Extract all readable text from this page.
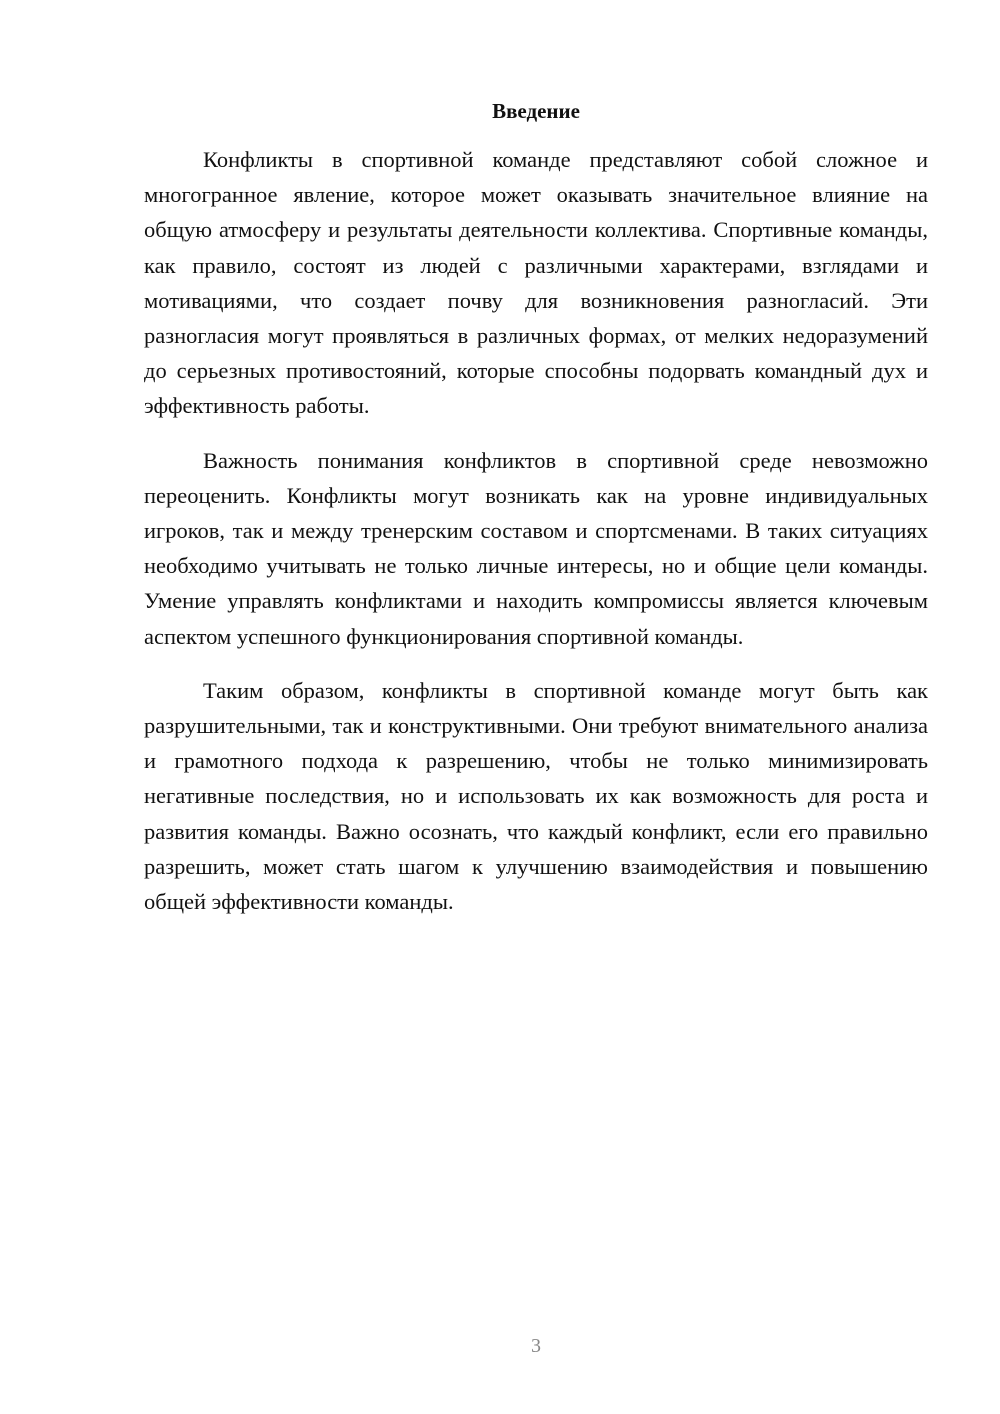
Введение

Конфликты в спортивной команде представляют собой сложное и многогранное явление, которое может оказывать значительное влияние на общую атмосферу и результаты деятельности коллектива. Спортивные команды, как правило, состоят из людей с различными характерами, взглядами и мотивациями, что создает почву для возникновения разногласий. Эти разногласия могут проявляться в различных формах, от мелких недоразумений до серьезных противостояний, которые способны подорвать командный дух и эффективность работы.

Важность понимания конфликтов в спортивной среде невозможно переоценить. Конфликты могут возникать как на уровне индивидуальных игроков, так и между тренерским составом и спортсменами. В таких ситуациях необходимо учитывать не только личные интересы, но и общие цели команды. Умение управлять конфликтами и находить компромиссы является ключевым аспектом успешного функционирования спортивной команды.

Таким образом, конфликты в спортивной команде могут быть как разрушительными, так и конструктивными. Они требуют внимательного анализа и грамотного подхода к разрешению, чтобы не только минимизировать негативные последствия, но и использовать их как возможность для роста и развития команды. Важно осознать, что каждый конфликт, если его правильно разрешить, может стать шагом к улучшению взаимодействия и повышению общей эффективности команды.

3
